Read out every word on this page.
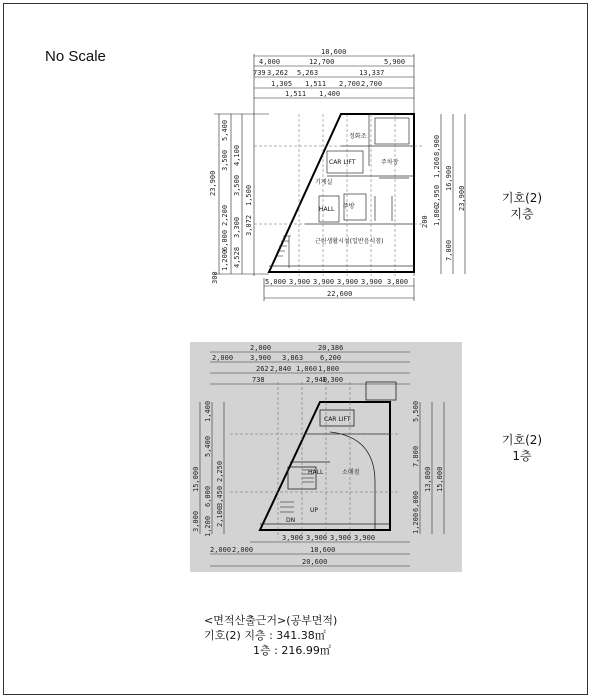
No Scale	18,600
4,000	12,700	5,900
739 3,262 5,263	13,337
1,305 1,511 2,700 2,700
1,511 1,400
23,900
5,400
3,500 4,100
3,500 1,500
2,200
6,000
1,200 4,528
3,300 3,072
300
8,900
2,950
1,800
1,260
200
7,000
16,900
23,900
5,000 3,900 3,900 3,900 3,900 3,800
22,600
정화조
CAR LIFT	주차장
기계실
HALL 주방
근린생활시설(일반음식점)
기호(2)
지층
20,386
2,000
2,000 3,900 3,863 6,200
262 2,840 1,060 1,800
738	2,940
1,300
15,000
6,000
5,400
1,400
3,450
2,250
2,100
3,000 1,200
5,500
7,800
13,800 15,000
6,000
1,200
3,900 3,900 3,900 3,900
2,000 2,000	18,600
20,600
CAR LIFT
HALL	소매점
UP
DN
기호(2)
1층
<면적산출근거>(공부면적)
기호(2) 지층 : 341.38㎡
1층 : 216.99㎡
